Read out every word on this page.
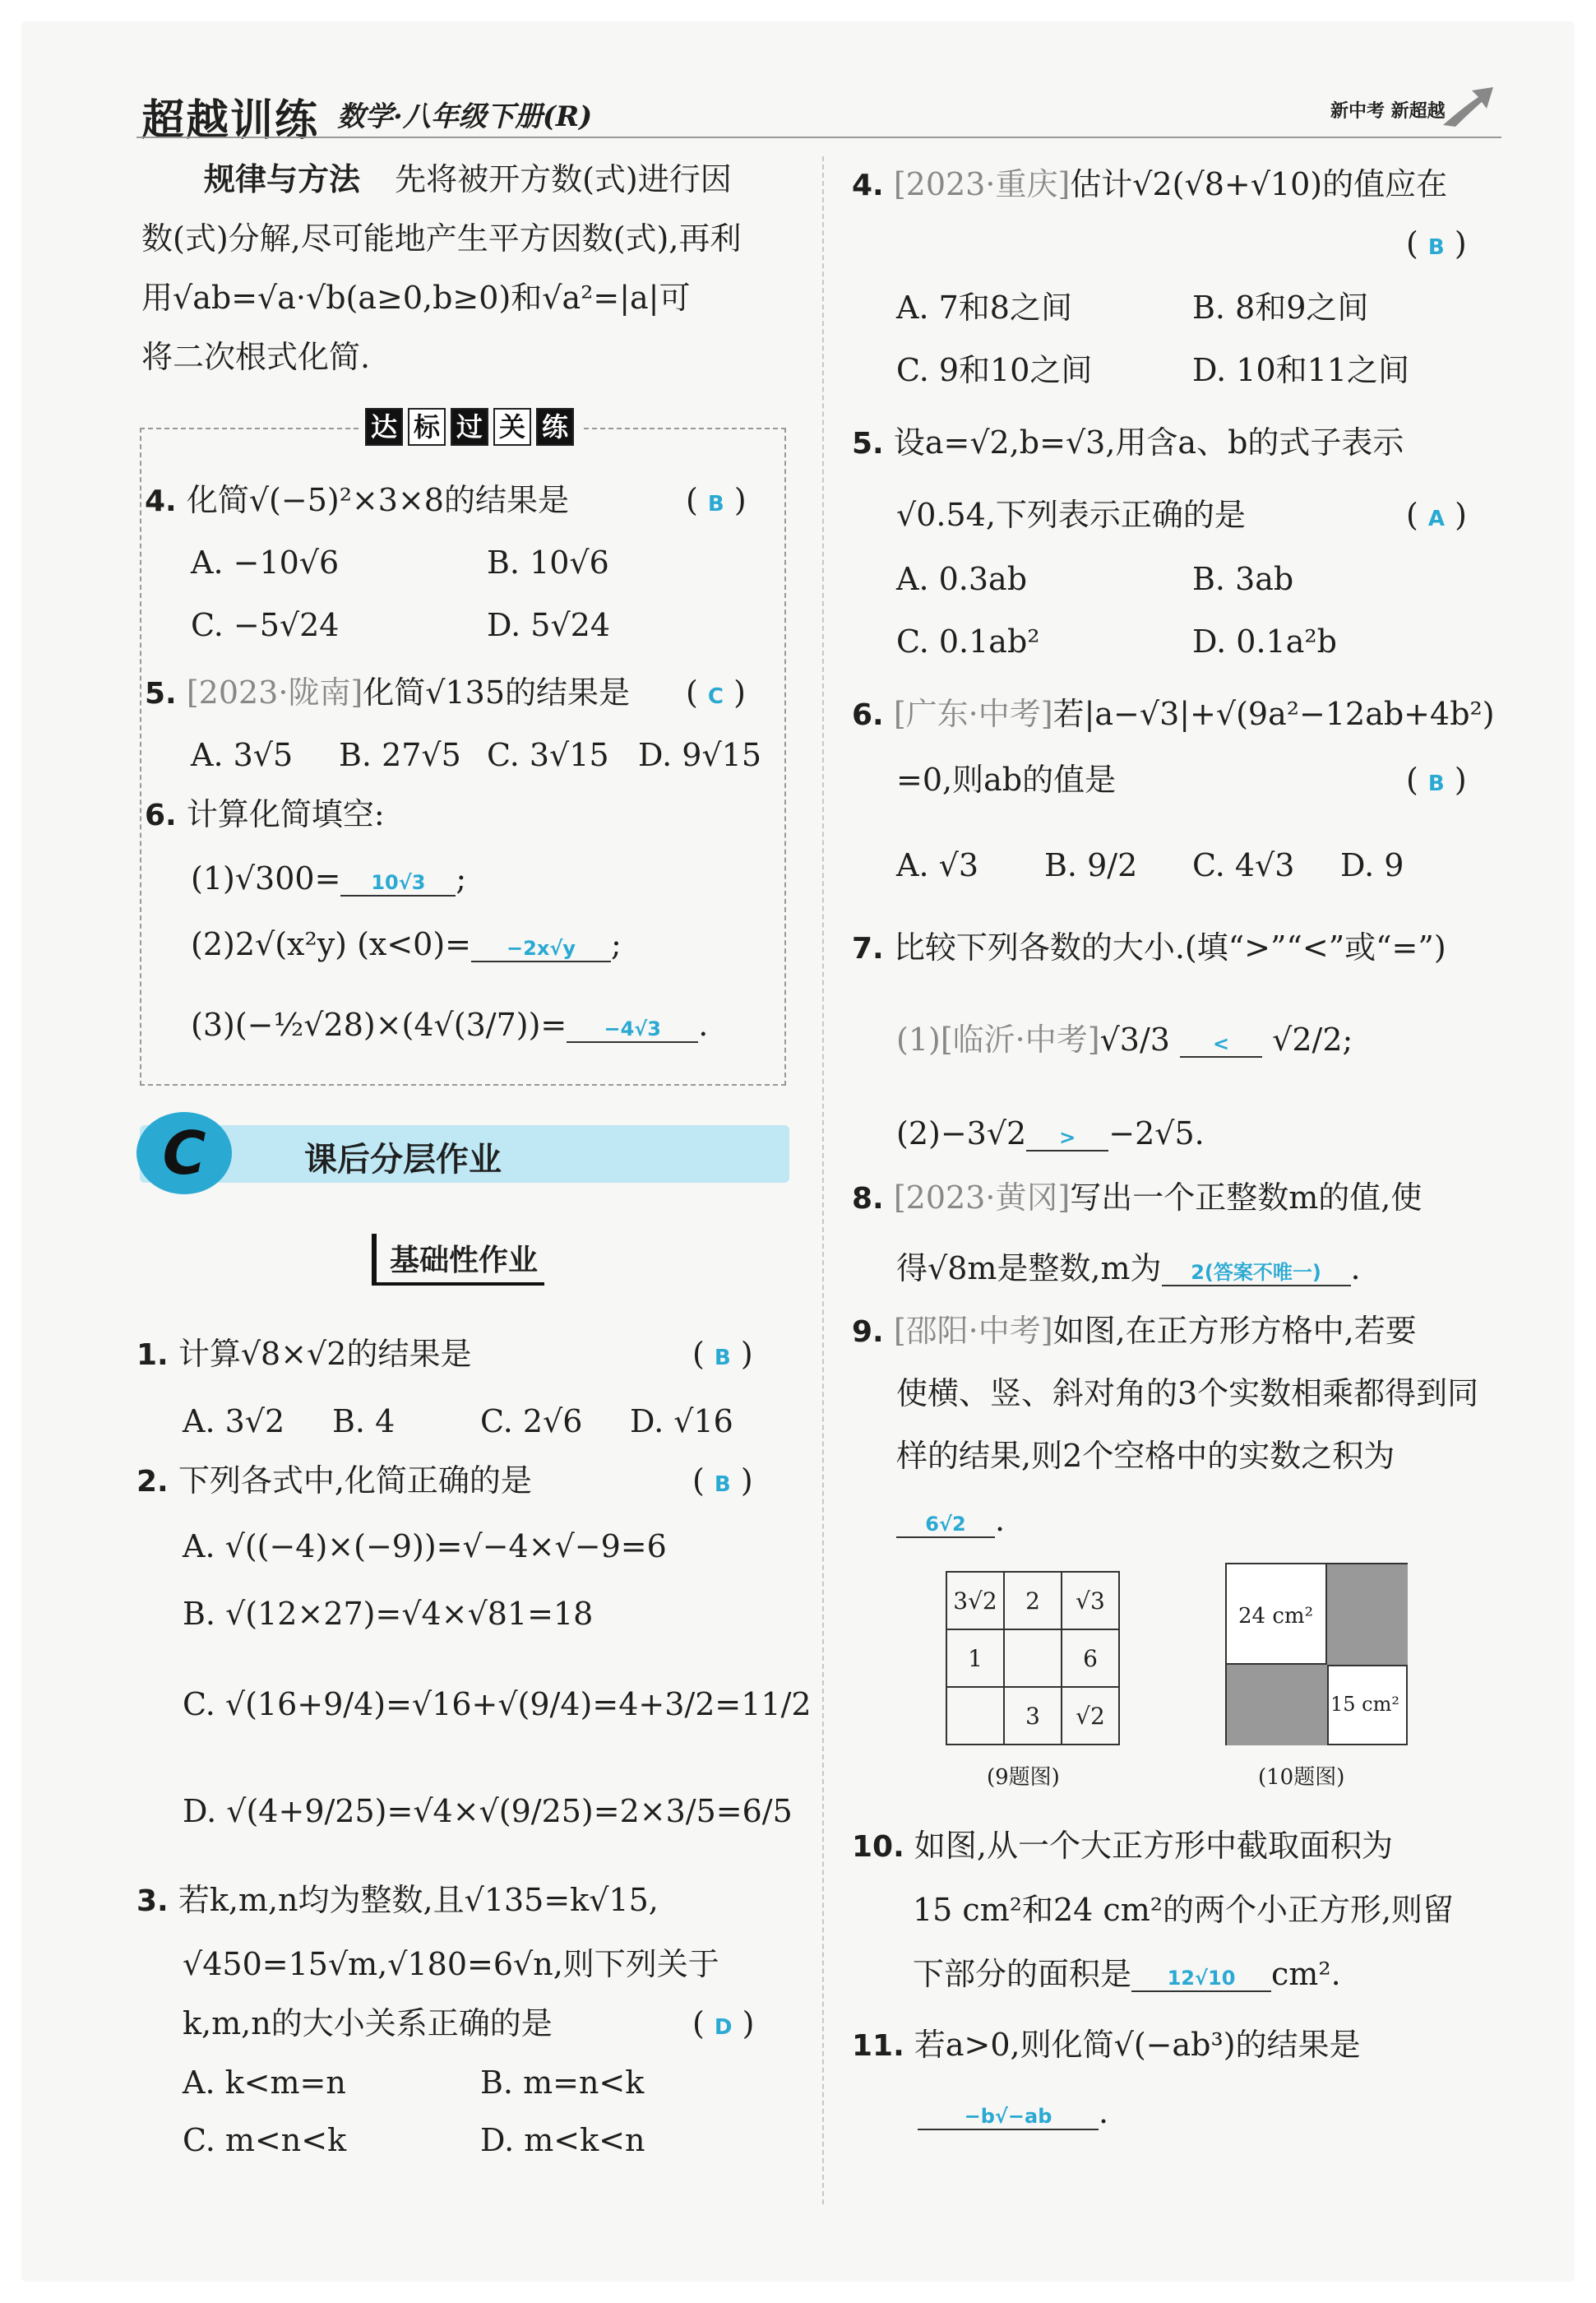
超越训练 数学·八年级下册(R)	新中考 新超越
规律与方法 先将被开方数(式)进行因
数(式)分解,尽可能地产生平方因数(式),再利
用√ab=√a·√b(a≥0,b≥0)和√a²=|a|可
将二次根式化简.
达 标 过 关 练
4. 化简√(−5)²×3×8的结果是	( B )
A. −10√6	B. 10√6
C. −5√24	D. 5√24
5. [2023·陇南]化简√135的结果是 ( C )
A. 3√5 B. 27√5 C. 3√15 D. 9√15
6. 计算化简填空:
(1)√300= 10√3 ;
(2)2√(x²y) (x<0)= −2x√y ;
(3)(−½√28)×(4√(3/7))= −4√3 .
C	课后分层作业
基础性作业
1. 计算√8×√2的结果是	( B )
A. 3√2 B. 4	C. 2√6 D. √16
2. 下列各式中,化简正确的是	( B )
A. √((−4)×(−9))=√−4×√−9=6
B. √(12×27)=√4×√81=18
C. √(16+9/4)=√16+√(9/4)=4+3/2=11/2
D. √(4+9/25)=√4×√(9/25)=2×3/5=6/5
3. 若k,m,n均为整数,且√135=k√15,
√450=15√m,√180=6√n,则下列关于
k,m,n的大小关系正确的是	( D )
A. k<m=n	B. m=n<k
C. m<n<k	D. m<k<n
4. [2023·重庆]估计√2(√8+√10)的值应在
( B )
A. 7和8之间	B. 8和9之间
C. 9和10之间	D. 10和11之间
5. 设a=√2,b=√3,用含a、b的式子表示
√0.54,下列表示正确的是	( A )
A. 0.3ab	B. 3ab
C. 0.1ab²	D. 0.1a²b
6. [广东·中考]若|a−√3|+√(9a²−12ab+4b²)
=0,则ab的值是	( B )
A. √3 B. 9/2 C. 4√3 D. 9
7. 比较下列各数的大小.(填“>”“<”或“=”)
(1)[临沂·中考]√3/3 < √2/2;
(2)−3√2 > −2√5.
8. [2023·黄冈]写出一个正整数m的值,使
得√8m是整数,m为 2(答案不唯一) .
9. [邵阳·中考]如图,在正方形方格中,若要
使横、竖、斜对角的3个实数相乘都得到同
样的结果,则2个空格中的实数之积为
6√2 .
3√2	2	√3
1		6
	3	√2
(9题图)
24 cm²
15 cm²
(10题图)
10. 如图,从一个大正方形中截取面积为
15 cm²和24 cm²的两个小正方形,则留
下部分的面积是 12√10 cm².
11. 若a>0,则化简√(−ab³)的结果是
−b√−ab .
